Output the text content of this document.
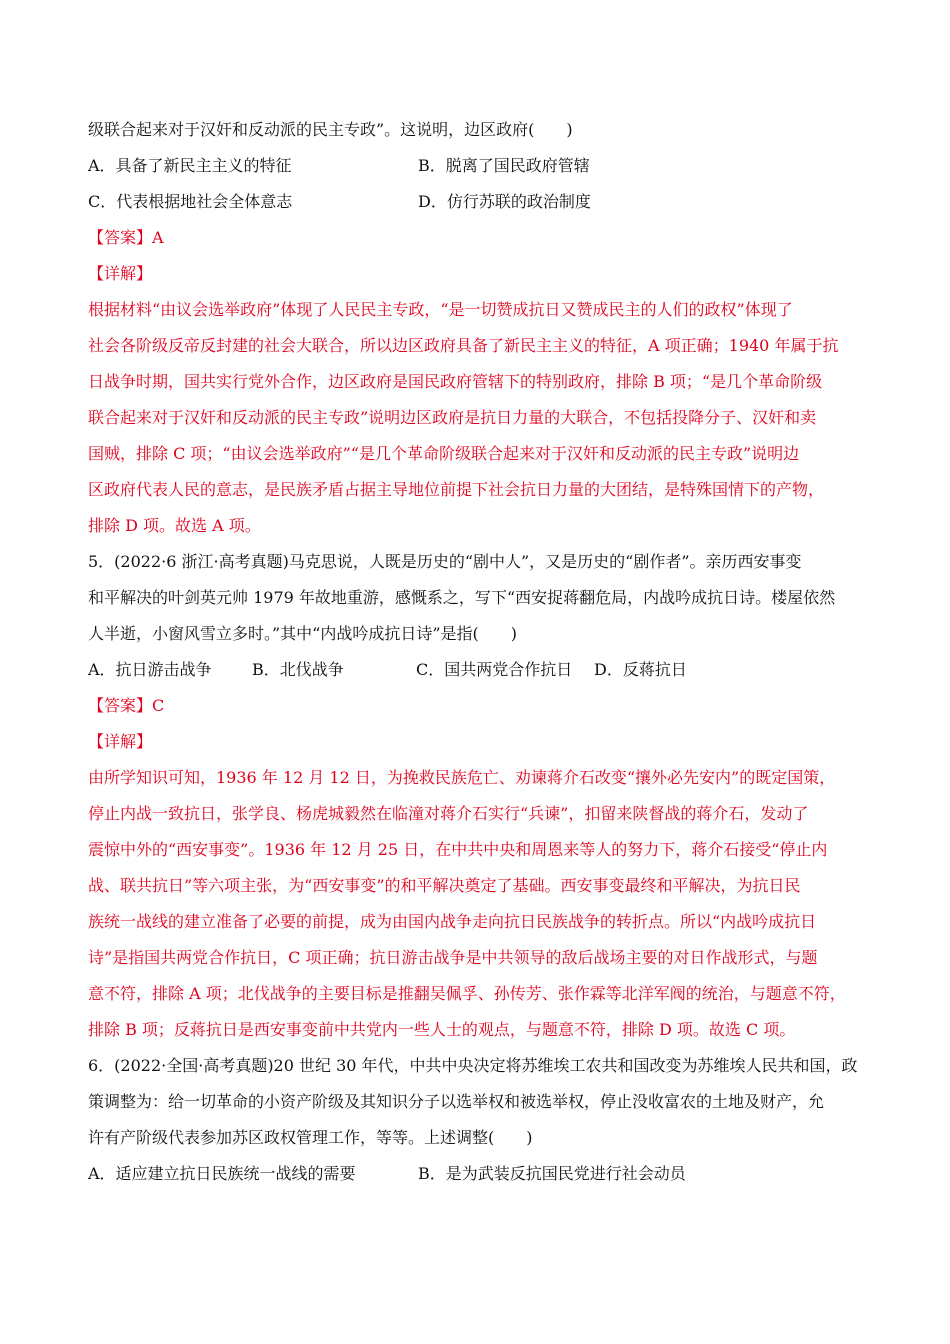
级联合起来对于汉奸和反动派的民主专政”。这说明，边区政府(　　)
A．具备了新民主主义的特征	B．脱离了国民政府管辖
C．代表根据地社会全体意志	D．仿行苏联的政治制度
【答案】A
【详解】
根据材料“由议会选举政府”体现了人民民主专政，“是一切赞成抗日又赞成民主的人们的政权”体现了
社会各阶级反帝反封建的社会大联合，所以边区政府具备了新民主主义的特征，A 项正确；1940 年属于抗
日战争时期，国共实行党外合作，边区政府是国民政府管辖下的特别政府，排除 B 项；“是几个革命阶级
联合起来对于汉奸和反动派的民主专政”说明边区政府是抗日力量的大联合，不包括投降分子、汉奸和卖
国贼，排除 C 项；“由议会选举政府”“是几个革命阶级联合起来对于汉奸和反动派的民主专政”说明边
区政府代表人民的意志，是民族矛盾占据主导地位前提下社会抗日力量的大团结，是特殊国情下的产物，
排除 D 项。故选 A 项。
5．(2022·6 浙江·高考真题)马克思说，人既是历史的“剧中人”，又是历史的“剧作者”。亲历西安事变
和平解决的叶剑英元帅 1979 年故地重游，感慨系之，写下“西安捉蒋翻危局，内战吟成抗日诗。楼屋依然
人半逝，小窗风雪立多时。”其中“内战吟成抗日诗”是指(　　)
A．抗日游击战争	B．北伐战争	C．国共两党合作抗日	D．反蒋抗日
【答案】C
【详解】
由所学知识可知，1936 年 12 月 12 日，为挽救民族危亡、劝谏蒋介石改变“攘外必先安内”的既定国策，
停止内战一致抗日，张学良、杨虎城毅然在临潼对蒋介石实行“兵谏”，扣留来陕督战的蒋介石，发动了
震惊中外的“西安事变”。1936 年 12 月 25 日，在中共中央和周恩来等人的努力下，蒋介石接受“停止内
战、联共抗日”等六项主张，为“西安事变”的和平解决奠定了基础。西安事变最终和平解决，为抗日民
族统一战线的建立准备了必要的前提，成为由国内战争走向抗日民族战争的转折点。所以“内战吟成抗日
诗”是指国共两党合作抗日，C 项正确；抗日游击战争是中共领导的敌后战场主要的对日作战形式，与题
意不符，排除 A 项；北伐战争的主要目标是推翻吴佩孚、孙传芳、张作霖等北洋军阀的统治，与题意不符，
排除 B 项；反蒋抗日是西安事变前中共党内一些人士的观点，与题意不符，排除 D 项。故选 C 项。
6．(2022·全国·高考真题)20 世纪 30 年代，中共中央决定将苏维埃工农共和国改变为苏维埃人民共和国，政
策调整为：给一切革命的小资产阶级及其知识分子以选举权和被选举权，停止没收富农的土地及财产，允
许有产阶级代表参加苏区政权管理工作，等等。上述调整(　　)
A．适应建立抗日民族统一战线的需要	B．是为武装反抗国民党进行社会动员
